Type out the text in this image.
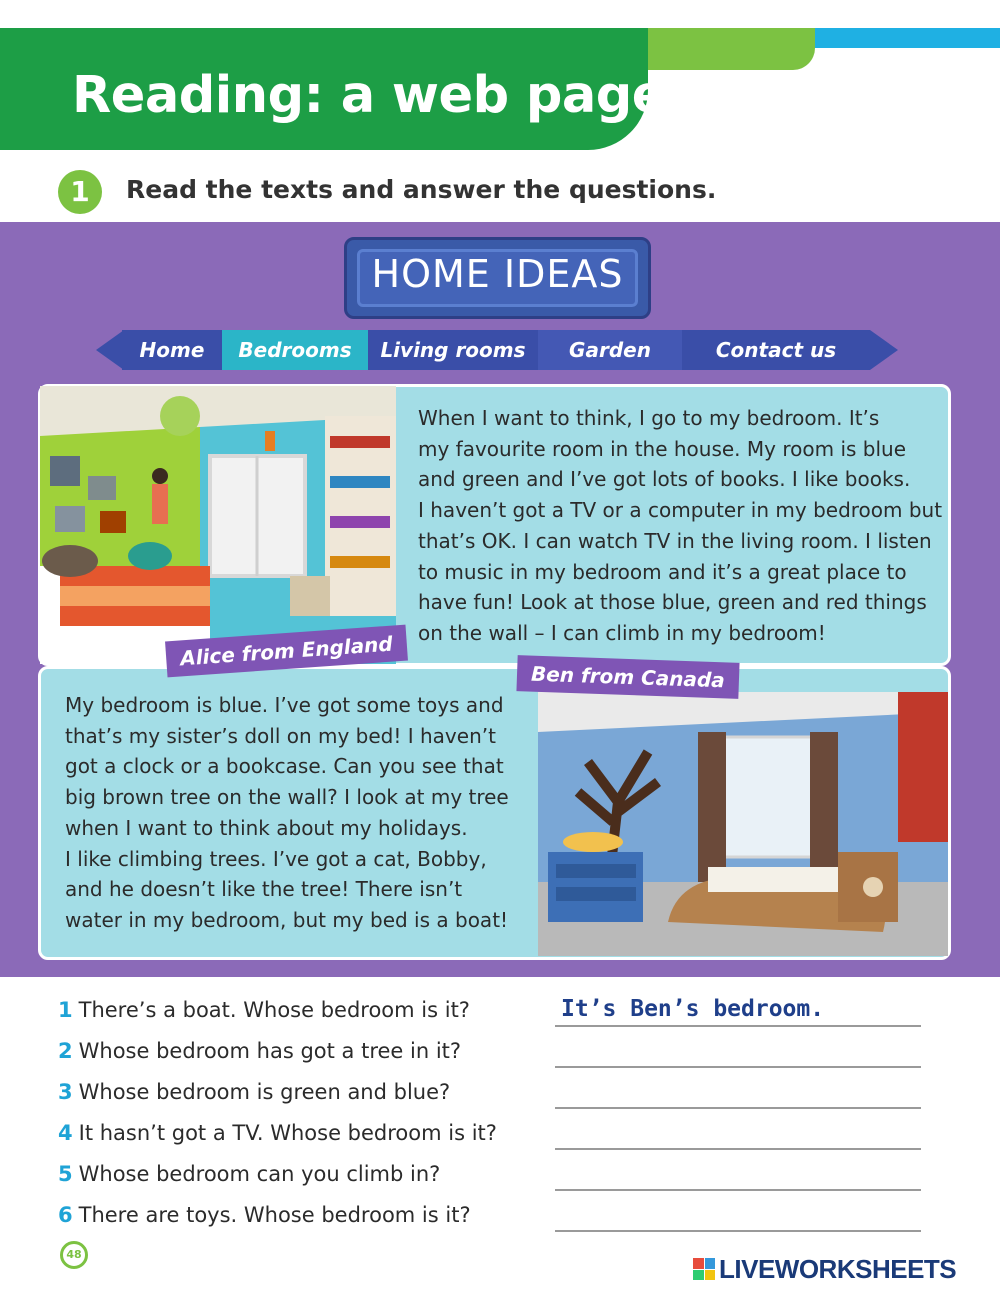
Reading: a web page
1	Read the texts and answer the questions.
HOME IDEAS
Home	Bedrooms	Living rooms	Garden	Contact us
When I want to think, I go to my bedroom. It’s
my favourite room in the house. My room is blue
and green and I’ve got lots of books. I like books.
I haven’t got a TV or a computer in my bedroom but
that’s OK. I can watch TV in the living room. I listen
to music in my bedroom and it’s a great place to
have fun! Look at those blue, green and red things
on the wall – I can climb in my bedroom!
My bedroom is blue. I’ve got some toys and
that’s my sister’s doll on my bed! I haven’t
got a clock or a bookcase. Can you see that
big brown tree on the wall? I look at my tree
when I want to think about my holidays.
I like climbing trees. I’ve got a cat, Bobby,
and he doesn’t like the tree! There isn’t
water in my bedroom, but my bed is a boat!
Alice from England
Ben from Canada
1 There’s a boat. Whose bedroom is it?
2 Whose bedroom has got a tree in it?
3 Whose bedroom is green and blue?
4 It hasn’t got a TV. Whose bedroom is it?
5 Whose bedroom can you climb in?
6 There are toys. Whose bedroom is it?
It’s Ben’s bedroom.
48	LIVEWORKSHEETS
